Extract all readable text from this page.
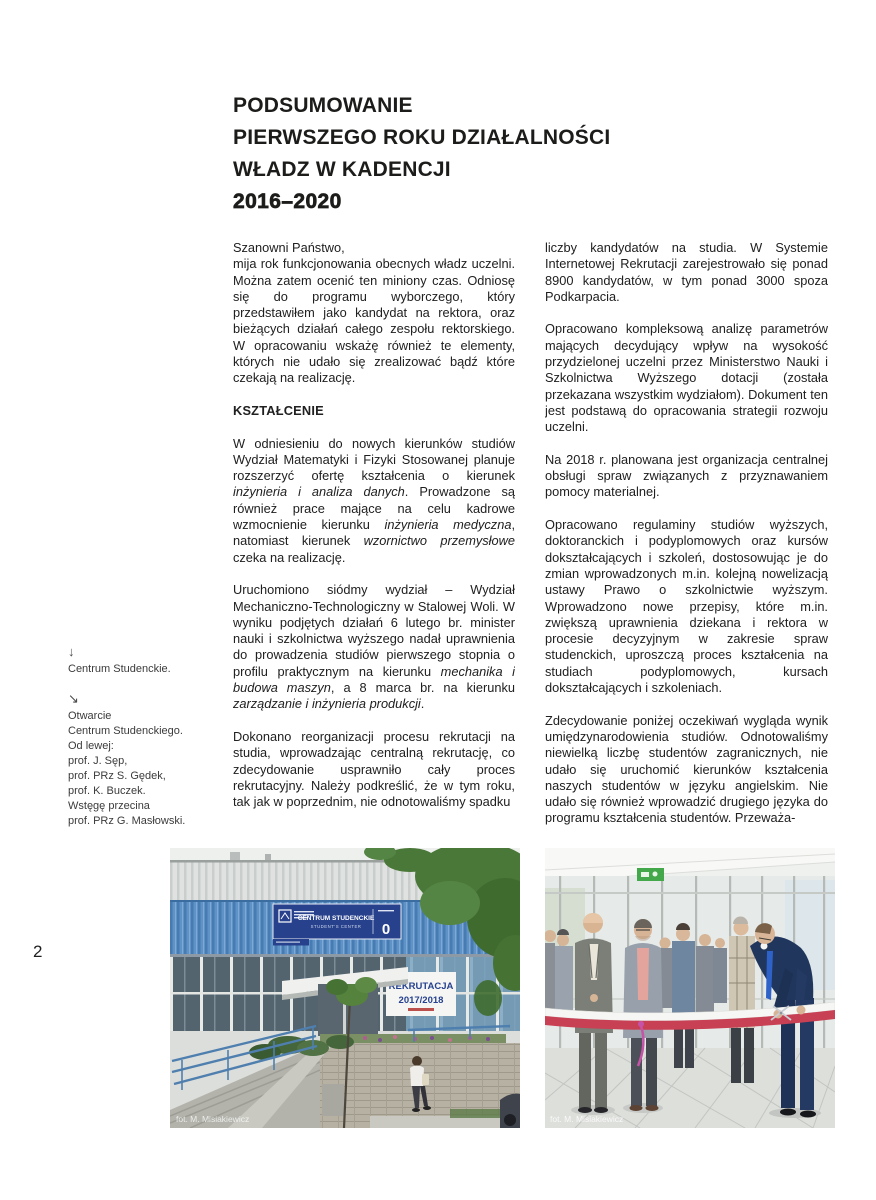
2
PODSUMOWANIE
PIERWSZEGO ROKU DZIAŁALNOŚCI
WŁADZ W KADENCJI
2016–2020

Szanowni Państwo,
mija rok funkcjonowania obecnych władz uczelni. Można zatem ocenić ten miniony czas. Odniosę się do programu wyborczego, który przedstawiłem jako kandydat na rektora, oraz bieżących działań całego zespołu rektorskiego. W opracowaniu wskażę również te elementy, których nie udało się zrealizować bądź które czekają na realizację.

KSZTAŁCENIE

W odniesieniu do nowych kierunków studiów Wydział Matematyki i Fizyki Stosowanej planuje rozszerzyć ofertę kształcenia o kierunek inżynieria i analiza danych. Prowadzone są również prace mające na celu kadrowe wzmocnienie kierunku inżynieria medyczna, natomiast kierunek wzornictwo przemysłowe czeka na realizację.

Uruchomiono siódmy wydział – Wydział Mechaniczno-Technologiczny w Stalowej Woli. W wyniku podjętych działań 6 lutego br. minister nauki i szkolnictwa wyższego nadał uprawnienia do prowadzenia studiów pierwszego stopnia o profilu praktycznym na kierunku mechanika i budowa maszyn, a 8 marca br. na kierunku zarządzanie i inżynieria produkcji.

Dokonano reorganizacji procesu rekrutacji na studia, wprowadzając centralną rekrutację, co zdecydowanie usprawniło cały proces rekrutacyjny. Należy podkreślić, że w tym roku, tak jak w poprzednim, nie odnotowaliśmy spadku

liczby kandydatów na studia. W Systemie Internetowej Rekrutacji zarejestrowało się ponad 8900 kandydatów, w tym ponad 3000 spoza Podkarpacia.

Opracowano kompleksową analizę parametrów mających decydujący wpływ na wysokość przydzielonej uczelni przez Ministerstwo Nauki i Szkolnictwa Wyższego dotacji (została przekazana wszystkim wydziałom). Dokument ten jest podstawą do opracowania strategii rozwoju uczelni.

Na 2018 r. planowana jest organizacja centralnej obsługi spraw związanych z przyznawaniem pomocy materialnej.

Opracowano regulaminy studiów wyższych, doktoranckich i podyplomowych oraz kursów dokształcających i szkoleń, dostosowując je do zmian wprowadzonych m.in. kolejną nowelizacją ustawy Prawo o szkolnictwie wyższym. Wprowadzono nowe przepisy, które m.in. zwiększą uprawnienia dziekana i rektora w procesie decyzyjnym w zakresie spraw studenckich, uproszczą proces kształcenia na studiach podyplomowych, kursach dokształcających i szkoleniach.

Zdecydowanie poniżej oczekiwań wygląda wynik umiędzynarodowienia studiów. Odnotowaliśmy niewielką liczbę studentów zagranicznych, nie udało się uruchomić kierunków kształcenia naszych studentów w języku angielskim. Nie udało się również wprowadzić drugiego języka do programu kształcenia studentów. Przeważa-

↓
Centrum Studenckie.
↘
Otwarcie
Centrum Studenckiego.
Od lewej:
prof. J. Sęp,
prof. PRz S. Gędek,
prof. K. Buczek.
Wstęgę przecina
prof. PRz G. Masłowski.
CENTRUM STUDENCKIE
STUDENT'S CENTER 0
REKRUTACJA
2017/2018
fot. M. Misiakiewicz	fot. M. Misiakiewicz
